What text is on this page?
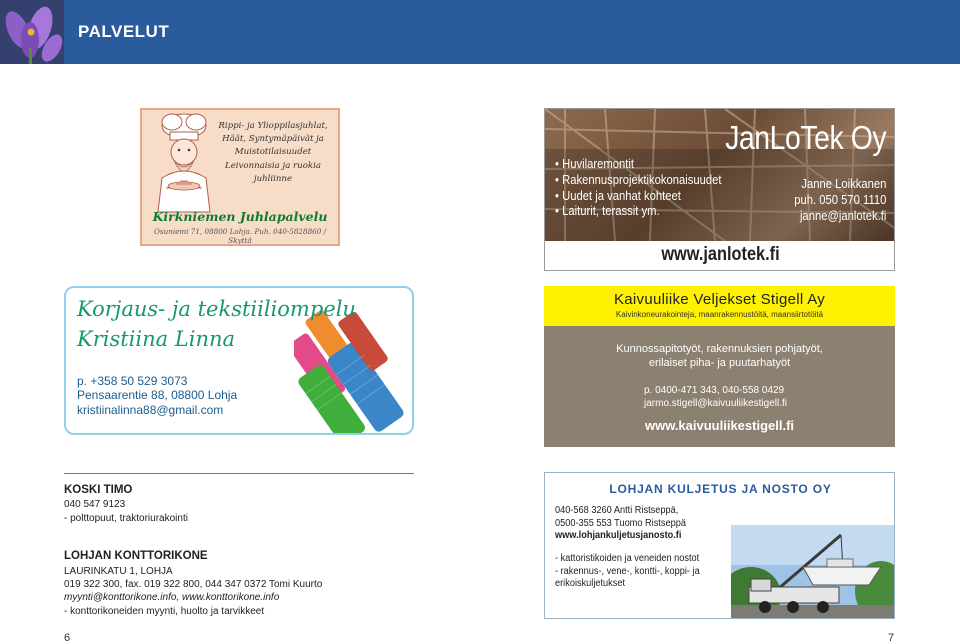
PALVELUT
Rippi- ja Ylioppilasjuhlat,
Häät, Syntymäpäivät ja
Muistotilaisuudet
Leivonnaisia ja ruokia
juhliinne
Kirkniemen Juhlapalvelu
Osuniemi 71, 08800 Lohja. Puh. 040-5828860 / Skyttä
JanLoTek Oy
• Huvilaremontit
• Rakennusprojektikokonaisuudet
• Uudet ja vanhat kohteet
• Laiturit, terassit ym.
Janne Loikkanen
puh. 050 570 1110
janne@janlotek.fi
www.janlotek.fi
Korjaus- ja tekstiiliompelu
Kristiina Linna
p. +358 50 529 3073
Pensaarentie 88, 08800 Lohja
kristiinalinna88@gmail.com
Kaivuuliike Veljekset Stigell Ay
Kaivinkoneurakointeja, maanrakennustöitä, maansiirtotöitä
Kunnossapitotyöt, rakennuksien pohjatyöt,
erilaiset piha- ja puutarhatyöt
p. 0400-471 343, 040-558 0429
jarmo.stigell@kaivuuliikestigell.fi
www.kaivuuliikestigell.fi
KOSKI TIMO
040 547 9123
- polttopuut, traktoriurakointi
LOHJAN KONTTORIKONE
LAURINKATU 1, LOHJA
019 322 300, fax. 019 322 800, 044 347 0372 Tomi Kuurto
myynti@konttorikone.info, www.konttorikone.info
- konttorikoneiden myynti, huolto ja tarvikkeet
LOHJAN KULJETUS JA NOSTO OY
040-568 3260 Antti Ristseppä,
0500-355 553 Tuomo Ristseppä
www.lohjankuljetusjanosto.fi
- kattoristikoiden ja veneiden nostot
- rakennus-, vene-, kontti-, koppi- ja erikoiskuljetukset
6	7
